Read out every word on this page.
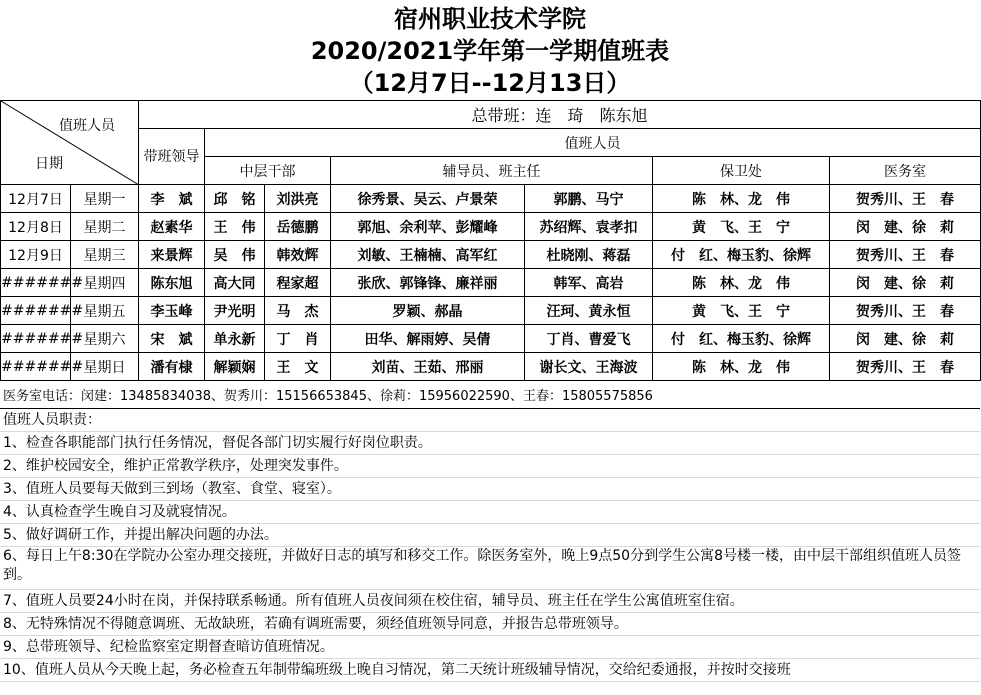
宿州职业技术学院
2020/2021学年第一学期值班表
（12月7日--12月13日）
值班人员
日期		总带班：连　琦　陈东旭						
		带班领导	值班人员					
			中层干部		辅导员、班主任		保卫处	医务室
12月7日	星期一	李　斌	邱　铭	刘洪亮	徐秀景、吴云、卢景荣	郭鹏、马宁	陈　林、龙　伟	贺秀川、王　春
12月8日	星期二	赵素华	王　伟	岳德鹏	郭旭、余利苹、彭耀峰	苏绍辉、袁孝扣	黄　飞、王　宁	闵　建、徐　莉
12月9日	星期三	来景辉	吴　伟	韩效辉	刘敏、王楠楠、高军红	杜晓刚、蒋磊	付　红、梅玉豹、徐辉	贺秀川、王　春
#######	星期四	陈东旭	高大同	程家超	张欣、郭锋锋、廉祥丽	韩军、高岩	陈　林、龙　伟	闵　建、徐　莉
#######	星期五	李玉峰	尹光明	马　杰	罗颖、郝晶	汪珂、黄永恒	黄　飞、王　宁	贺秀川、王　春
#######	星期六	宋　斌	单永新	丁　肖	田华、解雨婷、吴倩	丁肖、曹爱飞	付　红、梅玉豹、徐辉	闵　建、徐　莉
#######	星期日	潘有棣	解颖娴	王　文	刘苗、王茹、邢丽	谢长文、王海波	陈　林、龙　伟	贺秀川、王　春
医务室电话：闵建：13485834038、贺秀川：15156653845、徐莉：15956022590、王春：15805575856
值班人员职责：
1、检查各职能部门执行任务情况，督促各部门切实履行好岗位职责。
2、维护校园安全，维护正常教学秩序，处理突发事件。
3、值班人员要每天做到三到场（教室、食堂、寝室）。
4、认真检查学生晚自习及就寝情况。
5、做好调研工作，并提出解决问题的办法。
6、每日上午8:30在学院办公室办理交接班，并做好日志的填写和移交工作。除医务室外，晚上9点50分到学生公寓8号楼一楼，由中层干部组织值班人员签到。
7、值班人员要24小时在岗，并保持联系畅通。所有值班人员夜间须在校住宿，辅导员、班主任在学生公寓值班室住宿。
8、无特殊情况不得随意调班、无故缺班，若确有调班需要，须经值班领导同意，并报告总带班领导。
9、总带班领导、纪检监察室定期督查暗访值班情况。
10、值班人员从今天晚上起，务必检查五年制带编班级上晚自习情况，第二天统计班级辅导情况，交给纪委通报，并按时交接班
